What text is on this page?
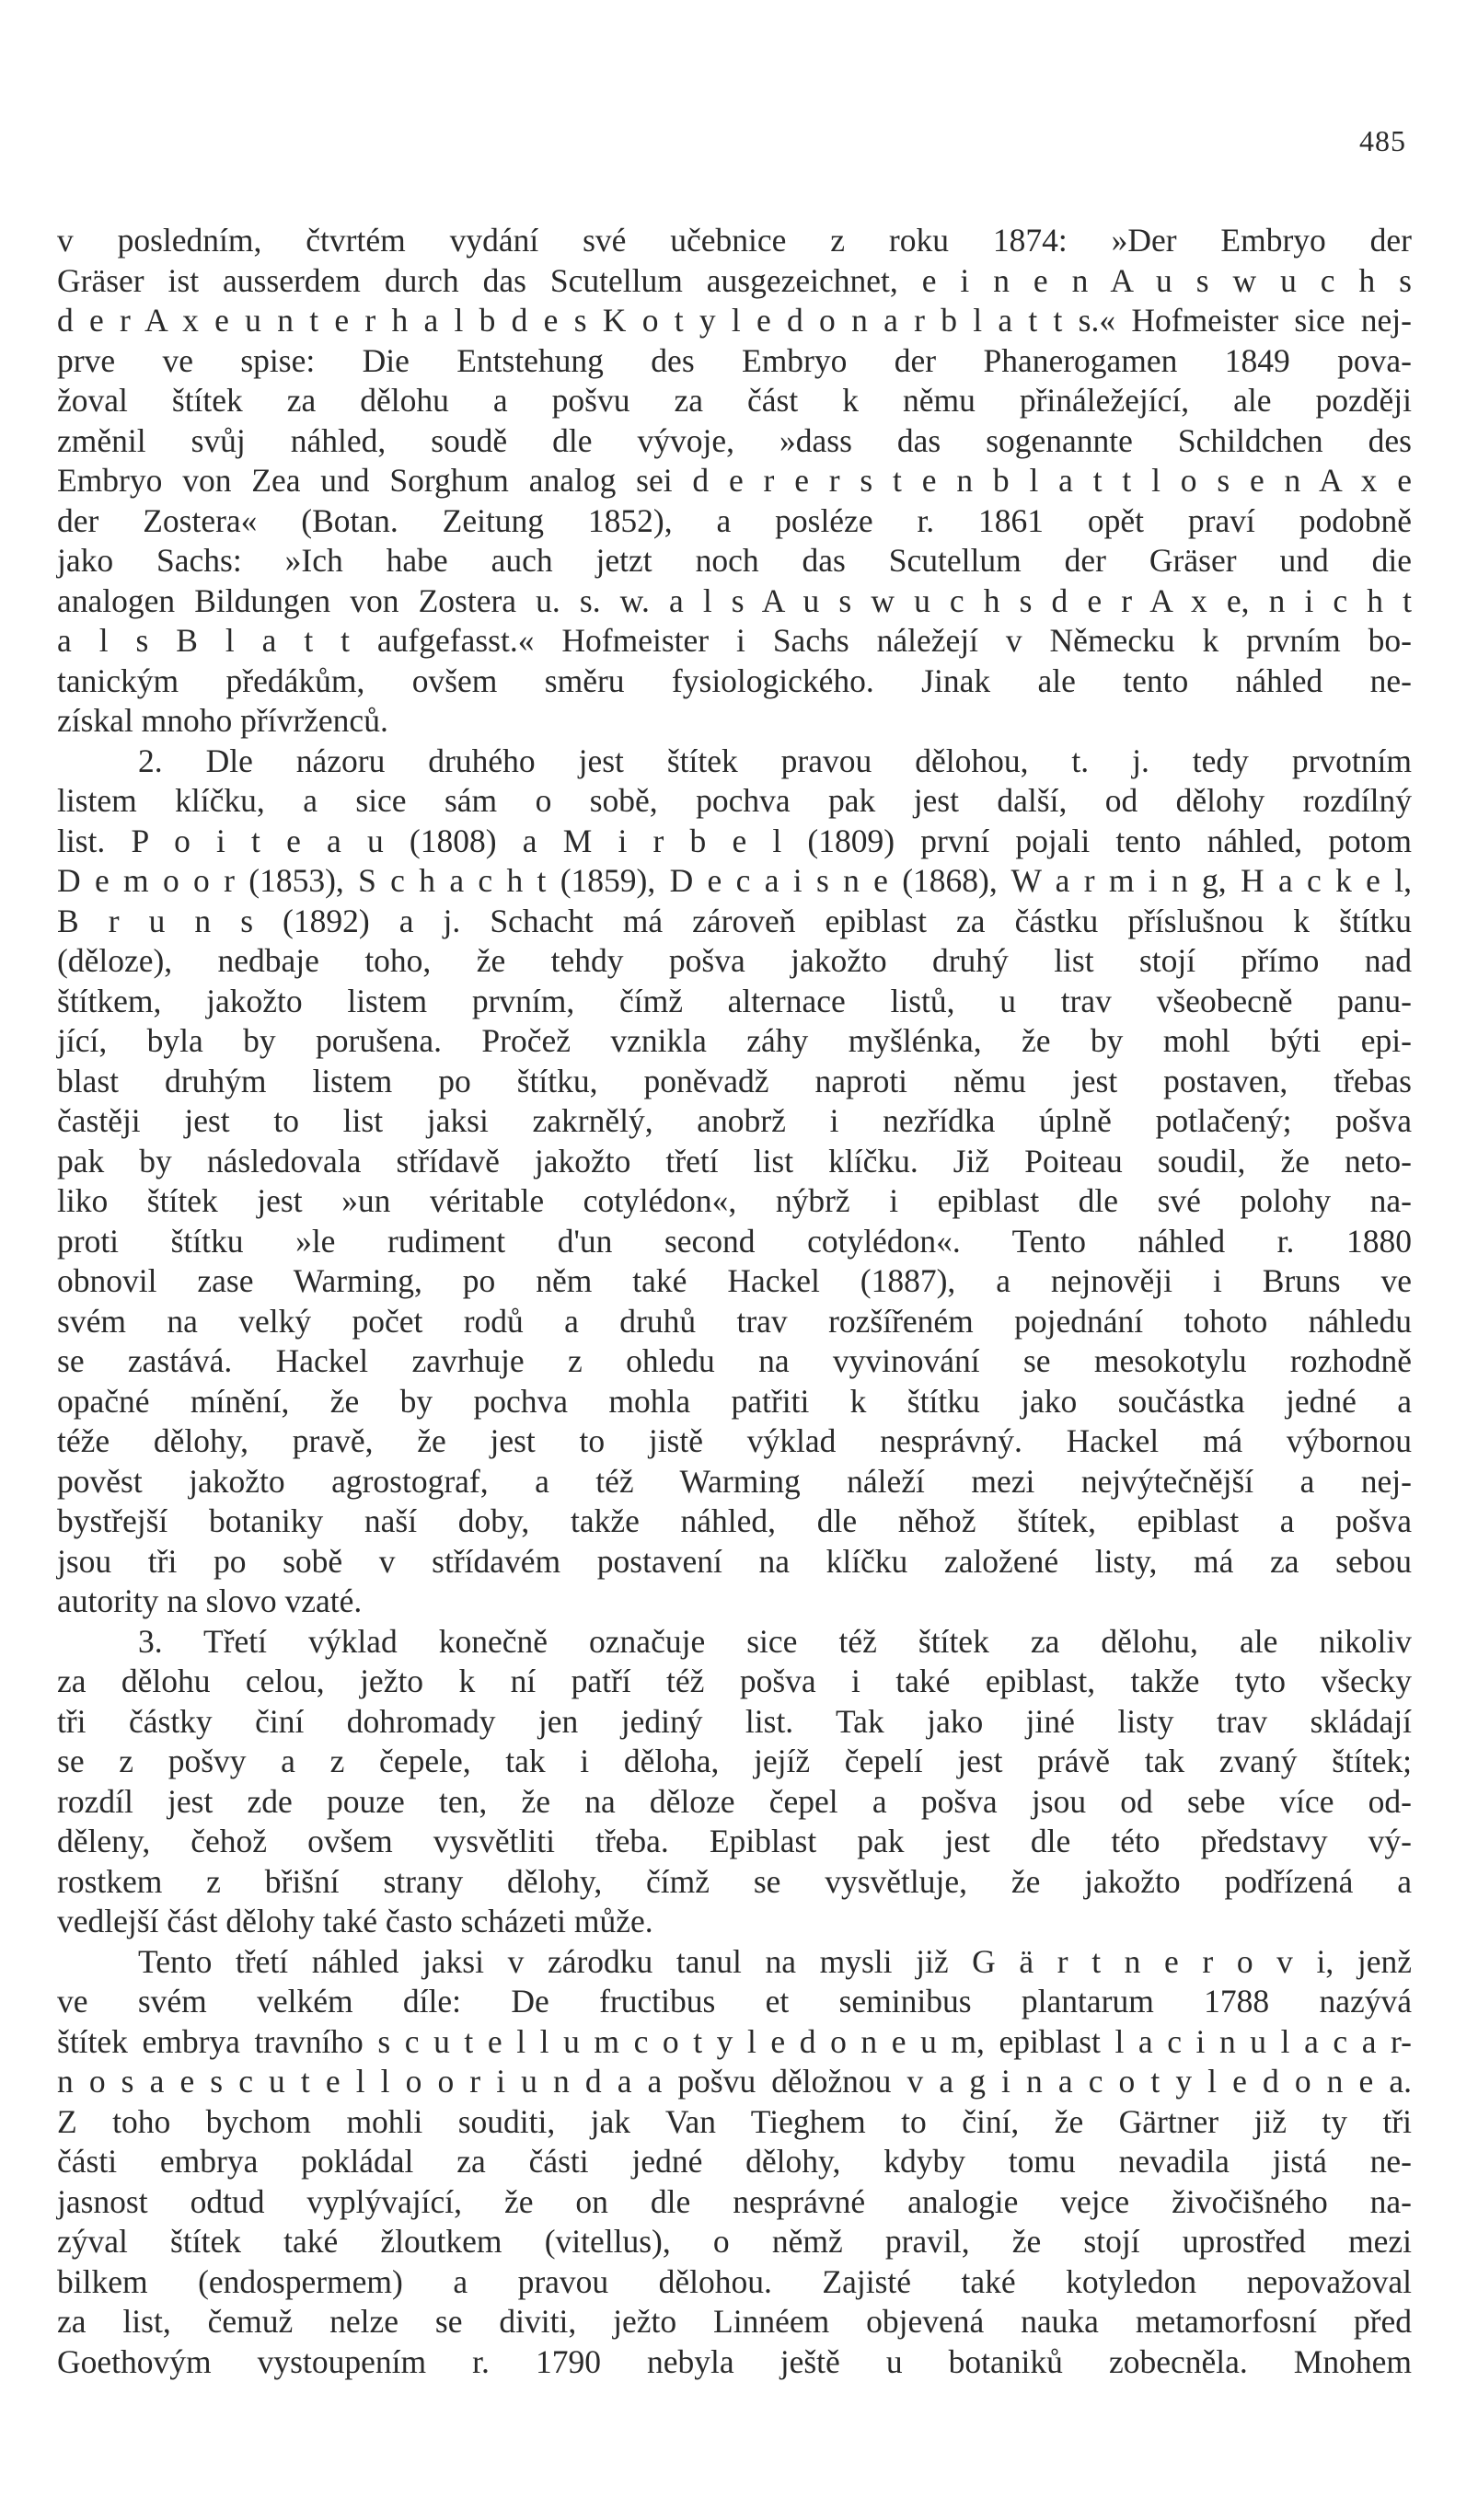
485
v posledním, čtvrtém vydání své učebnice z roku 1874: »Der Embryo der
Gräser ist ausserdem durch das Scutellum ausgezeichnet, e i n e n A u s w u c h s
d e r A x e u n t e r h a l b d e s K o t y l e d o n a r b l a t t s.« Hofmeister sice nej-
prve ve spise: Die Entstehung des Embryo der Phanerogamen 1849 pova-
žoval štítek za dělohu a pošvu za část k němu přináležející, ale později
změnil svůj náhled, soudě dle vývoje, »dass das sogenannte Schildchen des
Embryo von Zea und Sorghum analog sei d e r e r s t e n b l a t t l o s e n A x e
der Zostera« (Botan. Zeitung 1852), a posléze r. 1861 opět praví podobně
jako Sachs: »Ich habe auch jetzt noch das Scutellum der Gräser und die
analogen Bildungen von Zostera u. s. w. a l s A u s w u c h s d e r A x e, n i c h t
a l s B l a t t aufgefasst.« Hofmeister i Sachs náležejí v Německu k prvním bo-
tanickým předákům, ovšem směru fysiologického. Jinak ale tento náhled ne-
získal mnoho přívrženců.
2. Dle názoru druhého jest štítek pravou dělohou, t. j. tedy prvotním
listem klíčku, a sice sám o sobě, pochva pak jest další, od dělohy rozdílný
list. P o i t e a u (1808) a M i r b e l (1809) první pojali tento náhled, potom
D e m o o r (1853), S c h a c h t (1859), D e c a i s n e (1868), W a r m i n g, H a c k e l,
B r u n s (1892) a j. Schacht má zároveň epiblast za částku příslušnou k štítku
(děloze), nedbaje toho, že tehdy pošva jakožto druhý list stojí přímo nad
štítkem, jakožto listem prvním, čímž alternace listů, u trav všeobecně panu-
jící, byla by porušena. Pročež vznikla záhy myšlénka, že by mohl býti epi-
blast druhým listem po štítku, poněvadž naproti němu jest postaven, třebas
častěji jest to list jaksi zakrnělý, anobrž i nezřídka úplně potlačený; pošva
pak by následovala střídavě jakožto třetí list klíčku. Již Poiteau soudil, že neto-
liko štítek jest »un véritable cotylédon«, nýbrž i epiblast dle své polohy na-
proti štítku »le rudiment d'un second cotylédon«. Tento náhled r. 1880
obnovil zase Warming, po něm také Hackel (1887), a nejnověji i Bruns ve
svém na velký počet rodů a druhů trav rozšířeném pojednání tohoto náhledu
se zastává. Hackel zavrhuje z ohledu na vyvinování se mesokotylu rozhodně
opačné mínění, že by pochva mohla patřiti k štítku jako součástka jedné a
téže dělohy, pravě, že jest to jistě výklad nesprávný. Hackel má výbornou
pověst jakožto agrostograf, a též Warming náleží mezi nejvýtečnější a nej-
bystřejší botaniky naší doby, takže náhled, dle něhož štítek, epiblast a pošva
jsou tři po sobě v střídavém postavení na klíčku založené listy, má za sebou
autority na slovo vzaté.
3. Třetí výklad konečně označuje sice též štítek za dělohu, ale nikoliv
za dělohu celou, ježto k ní patří též pošva i také epiblast, takže tyto všecky
tři částky činí dohromady jen jediný list. Tak jako jiné listy trav skládají
se z pošvy a z čepele, tak i děloha, jejíž čepelí jest právě tak zvaný štítek;
rozdíl jest zde pouze ten, že na děloze čepel a pošva jsou od sebe více od-
děleny, čehož ovšem vysvětliti třeba. Epiblast pak jest dle této představy vý-
rostkem z břišní strany dělohy, čímž se vysvětluje, že jakožto podřízená a
vedlejší část dělohy také často scházeti může.
Tento třetí náhled jaksi v zárodku tanul na mysli již G ä r t n e r o v i, jenž
ve svém velkém díle: De fructibus et seminibus plantarum 1788 nazývá
štítek embrya travního s c u t e l l u m c o t y l e d o n e u m, epiblast l a c i n u l a c a r-
n o s a e s c u t e l l o o r i u n d a a pošvu děložnou v a g i n a c o t y l e d o n e a.
Z toho bychom mohli souditi, jak Van Tieghem to činí, že Gärtner již ty tři
části embrya pokládal za části jedné dělohy, kdyby tomu nevadila jistá ne-
jasnost odtud vyplývající, že on dle nesprávné analogie vejce živočišného na-
zýval štítek také žloutkem (vitellus), o němž pravil, že stojí uprostřed mezi
bilkem (endospermem) a pravou dělohou. Zajisté také kotyledon nepovažoval
za list, čemuž nelze se diviti, ježto Linnéem objevená nauka metamorfosní před
Goethovým vystoupením r. 1790 nebyla ještě u botaniků zobecněla. Mnohem
